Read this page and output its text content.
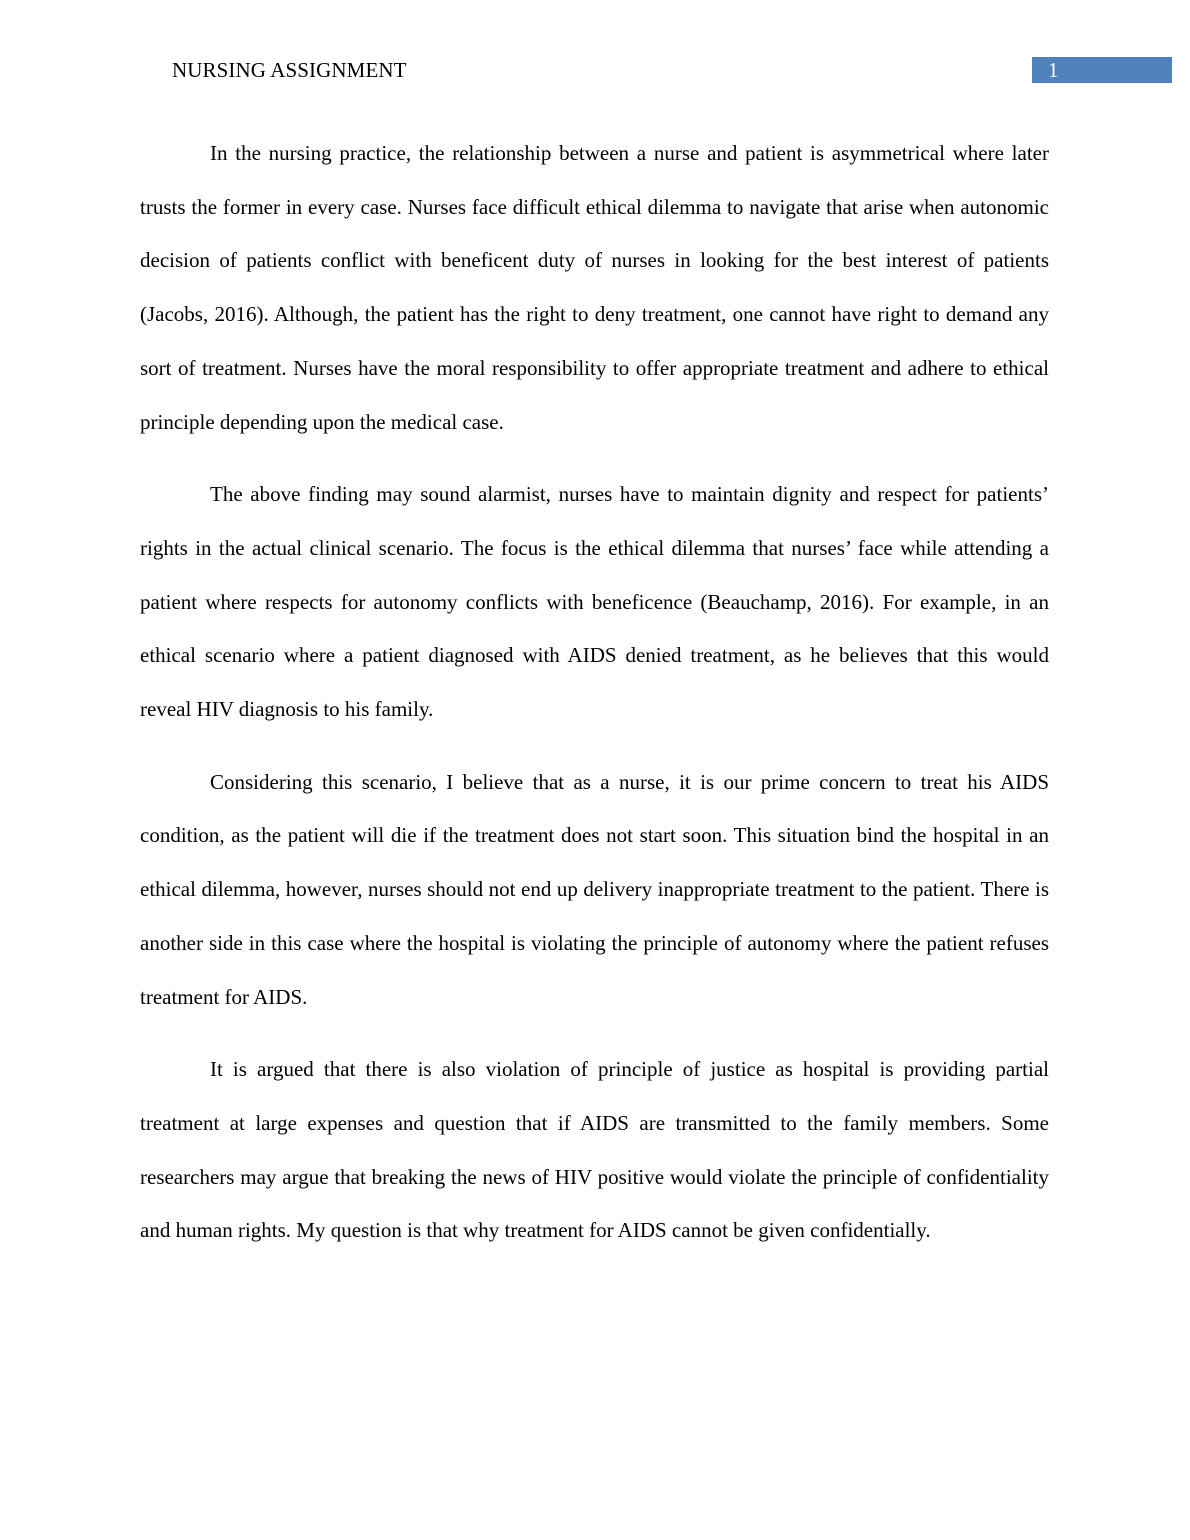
NURSING ASSIGNMENT	1

In the nursing practice, the relationship between a nurse and patient is asymmetrical where later trusts the former in every case. Nurses face difficult ethical dilemma to navigate that arise when autonomic decision of patients conflict with beneficent duty of nurses in looking for the best interest of patients (Jacobs, 2016). Although, the patient has the right to deny treatment, one cannot have right to demand any sort of treatment. Nurses have the moral responsibility to offer appropriate treatment and adhere to ethical principle depending upon the medical case.

The above finding may sound alarmist, nurses have to maintain dignity and respect for patients’ rights in the actual clinical scenario. The focus is the ethical dilemma that nurses’ face while attending a patient where respects for autonomy conflicts with beneficence (Beauchamp, 2016). For example, in an ethical scenario where a patient diagnosed with AIDS denied treatment, as he believes that this would reveal HIV diagnosis to his family.

Considering this scenario, I believe that as a nurse, it is our prime concern to treat his AIDS condition, as the patient will die if the treatment does not start soon. This situation bind the hospital in an ethical dilemma, however, nurses should not end up delivery inappropriate treatment to the patient. There is another side in this case where the hospital is violating the principle of autonomy where the patient refuses treatment for AIDS.

It is argued that there is also violation of principle of justice as hospital is providing partial treatment at large expenses and question that if AIDS are transmitted to the family members. Some researchers may argue that breaking the news of HIV positive would violate the principle of confidentiality and human rights. My question is that why treatment for AIDS cannot be given confidentially.
